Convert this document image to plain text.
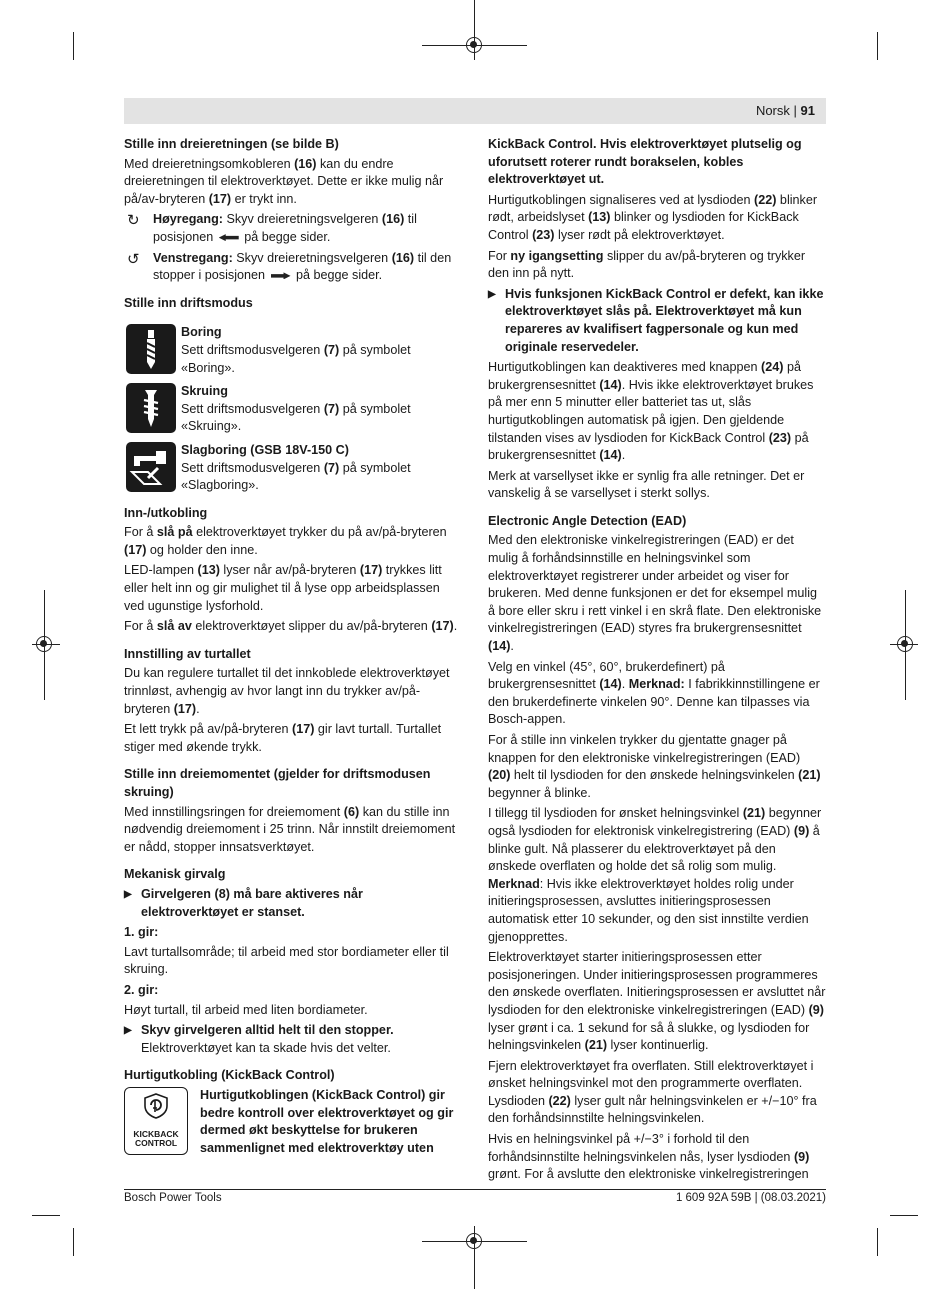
Norsk | 91
Stille inn dreieretningen (se bilde B)
Med dreieretningsomkobleren (16) kan du endre dreieretningen til elektroverktøyet. Dette er ikke mulig når på/av-bryteren (17) er trykt inn.
↻ Høyregang: Skyv dreieretningsvelgeren (16) til posisjonen  på begge sider.
↺ Venstregang: Skyv dreieretningsvelgeren (16) til den stopper i posisjonen  på begge sider.
Stille inn driftsmodus
Boring
Sett driftsmodusvelgeren (7) på symbolet «Boring».
Skruing
Sett driftsmodusvelgeren (7) på symbolet «Skruing».
Slagboring (GSB 18V-150 C)
Sett driftsmodusvelgeren (7) på symbolet «Slagboring».
Inn-/utkobling
For å slå på elektroverktøyet trykker du på av/på-bryteren (17) og holder den inne.
LED-lampen (13) lyser når av/på-bryteren (17) trykkes litt eller helt inn og gir mulighet til å lyse opp arbeidsplassen ved ugunstige lysforhold.
For å slå av elektroverktøyet slipper du av/på-bryteren (17).
Innstilling av turtallet
Du kan regulere turtallet til det innkoblede elektroverktøyet trinnløst, avhengig av hvor langt inn du trykker av/på-bryteren (17).
Et lett trykk på av/på-bryteren (17) gir lavt turtall. Turtallet stiger med økende trykk.
Stille inn dreiemomentet (gjelder for driftsmodusen skruing)
Med innstillingsringen for dreiemoment (6) kan du stille inn nødvendig dreiemoment i 25 trinn. Når innstilt dreiemoment er nådd, stopper innsatsverktøyet.
Mekanisk girvalg
▶ Girvelgeren (8) må bare aktiveres når elektroverktøyet er stanset.
1. gir:
Lavt turtallsområde; til arbeid med stor bordiameter eller til skruing.
2. gir:
Høyt turtall, til arbeid med liten bordiameter.
▶ Skyv girvelgeren alltid helt til den stopper.
Elektroverktøyet kan ta skade hvis det velter.
Hurtigutkobling (KickBack Control)
KICKBACK
CONTROL
Hurtigutkoblingen (KickBack Control) gir bedre kontroll over elektroverktøyet og gir dermed økt beskyttelse for brukeren sammenlignet med elektroverktøy uten
KickBack Control. Hvis elektroverktøyet plutselig og uforutsett roterer rundt borakselen, kobles elektroverktøyet ut.
Hurtigutkoblingen signaliseres ved at lysdioden (22) blinker rødt, arbeidslyset (13) blinker og lysdioden for KickBack Control (23) lyser rødt på elektroverktøyet.
For ny igangsetting slipper du av/på-bryteren og trykker den inn på nytt.
▶ Hvis funksjonen KickBack Control er defekt, kan ikke elektroverktøyet slås på. Elektroverktøyet må kun repareres av kvalifisert fagpersonale og kun med originale reservedeler.
Hurtigutkoblingen kan deaktiveres med knappen (24) på brukergrensesnittet (14). Hvis ikke elektroverktøyet brukes på mer enn 5 minutter eller batteriet tas ut, slås hurtigutkoblingen automatisk på igjen. Den gjeldende tilstanden vises av lysdioden for KickBack Control (23) på brukergrensesnittet (14).
Merk at varsellyset ikke er synlig fra alle retninger. Det er vanskelig å se varsellyset i sterkt sollys.
Electronic Angle Detection (EAD)
Med den elektroniske vinkelregistreringen (EAD) er det mulig å forhåndsinnstille en helningsvinkel som elektroverktøyet registrerer under arbeidet og viser for brukeren. Med denne funksjonen er det for eksempel mulig å bore eller skru i rett vinkel i en skrå flate. Den elektroniske vinkelregistreringen (EAD) styres fra brukergrensesnittet (14).
Velg en vinkel (45°, 60°, brukerdefinert) på brukergrensesnittet (14). Merknad: I fabrikkinnstillingene er den brukerdefinerte vinkelen 90°. Denne kan tilpasses via Bosch-appen.
For å stille inn vinkelen trykker du gjentatte gnager på knappen for den elektroniske vinkelregistreringen (EAD) (20) helt til lysdioden for den ønskede helningsvinkelen (21) begynner å blinke.
I tillegg til lysdioden for ønsket helningsvinkel (21) begynner også lysdioden for elektronisk vinkelregistrering (EAD) (9) å blinke gult. Nå plasserer du elektroverktøyet på den ønskede overflaten og holde det så rolig som mulig. Merknad: Hvis ikke elektroverktøyet holdes rolig under initieringsprosessen, avsluttes initieringsprosessen automatisk etter 10 sekunder, og den sist innstilte verdien gjenopprettes.
Elektroverktøyet starter initieringsprosessen etter posisjoneringen. Under initieringsprosessen programmeres den ønskede overflaten. Initieringsprosessen er avsluttet når lysdioden for den elektroniske vinkelregistreringen (EAD) (9) lyser grønt i ca. 1 sekund for så å slukke, og lysdioden for helningsvinkelen (21) lyser kontinuerlig.
Fjern elektroverktøyet fra overflaten. Still elektroverktøyet i ønsket helningsvinkel mot den programmerte overflaten. Lysdioden (22) lyser gult når helningsvinkelen er +/−10° fra den forhåndsinnstilte helningsvinkelen.
Hvis en helningsvinkel på +/−3° i forhold til den forhåndsinnstilte helningsvinkelen nås, lyser lysdioden (9) grønt. For å avslutte den elektroniske vinkelregistreringen
Bosch Power Tools	1 609 92A 59B | (08.03.2021)
